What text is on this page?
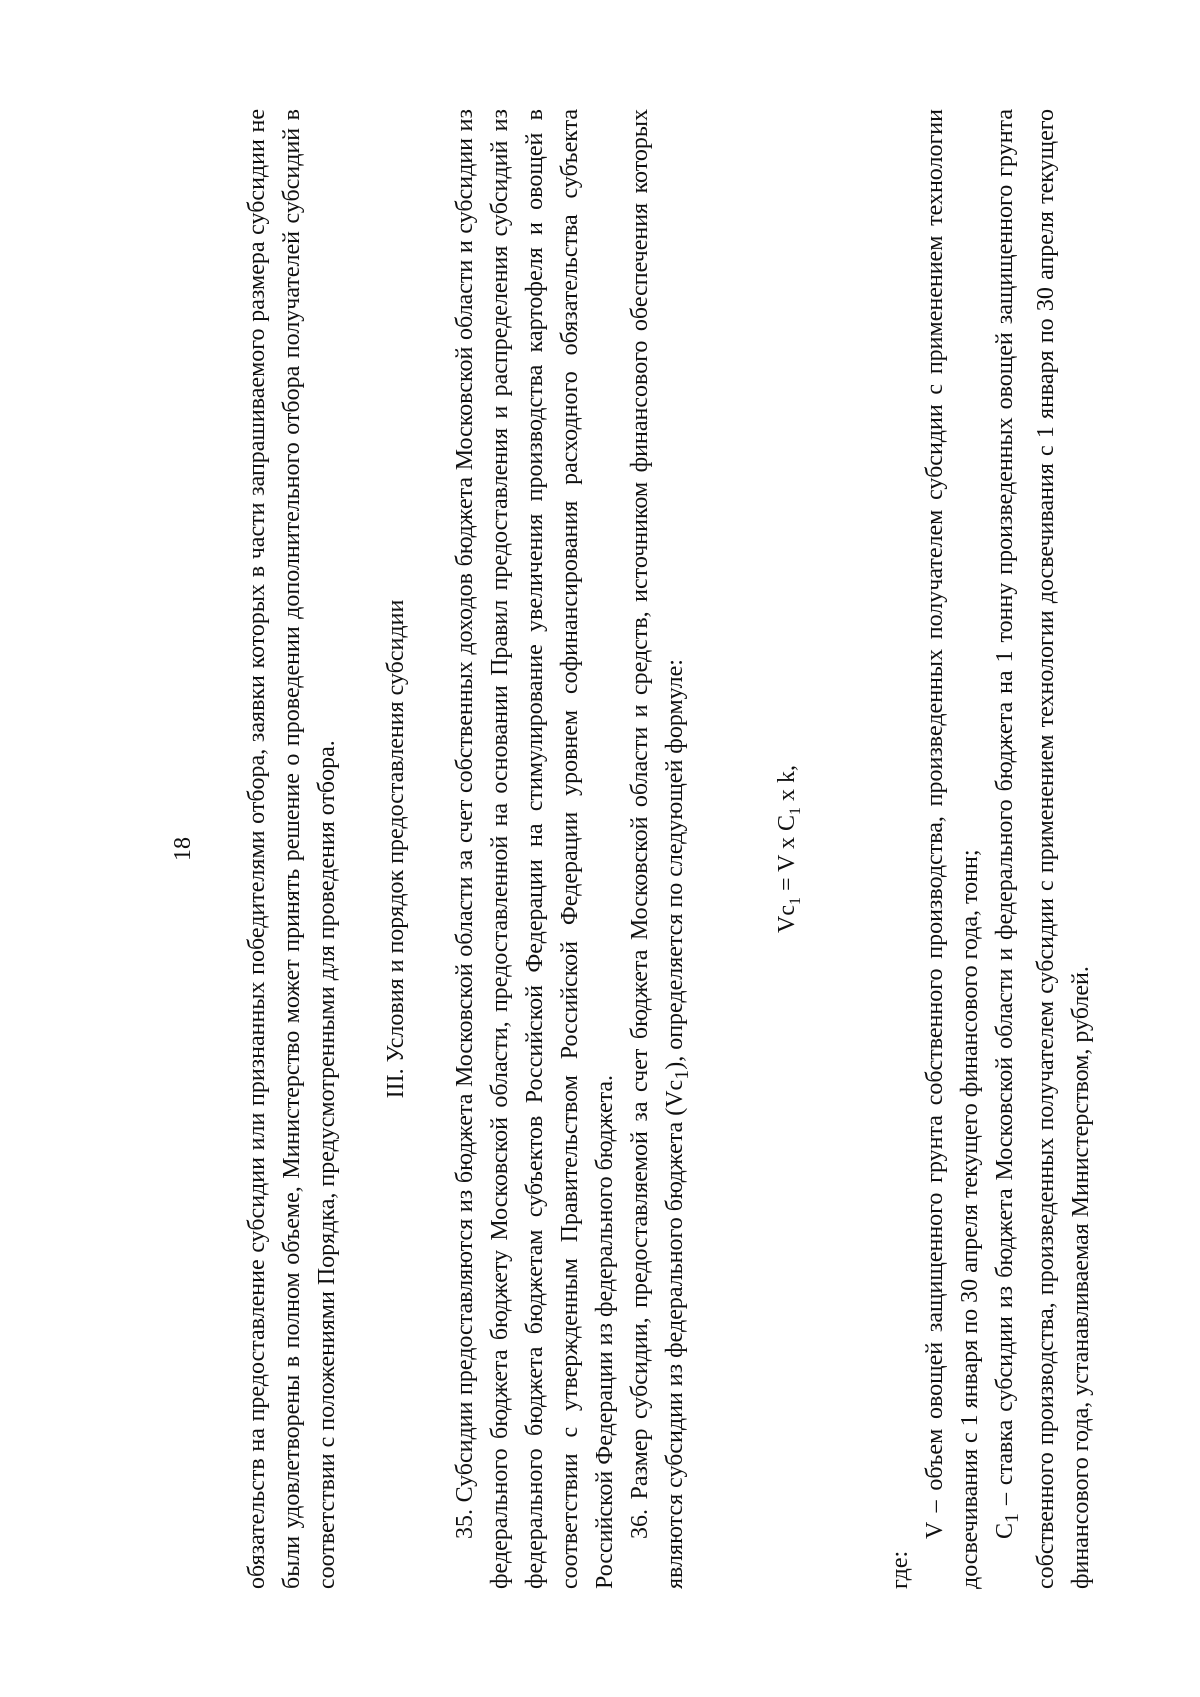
18 обязательств на предоставление субсидии или признанных победителями отбора, заявки которых в части запрашиваемого размера субсидии не были удовлетворены в полном объеме, Министерство может принять решение о проведении дополнительного отбора получателей субсидий в соответствии с положениями Порядка, предусмотренными для проведения отбора. III. Условия и порядок предоставления субсидии 35. Субсидии предоставляются из бюджета Московской области за счет собственных доходов бюджета Московской области и субсидии из федерального бюджета бюджету Московской области, предоставленной на основании Правил предоставления и распределения субсидий из федерального бюджета бюджетам субъектов Российской Федерации на стимулирование увеличения производства картофеля и овощей в соответствии с утвержденным Правительством Российской Федерации уровнем софинансирования расходного обязательства субъекта Российской Федерации из федерального бюджета. 36. Размер субсидии, предоставляемой за счет бюджета Московской области и средств, источником финансового обеспечения которых являются субсидии из федерального бюджета $(Vc_1)$, определяется по следующей формуле:	$Vc_1 = V$ x $C_1$ x k,

где:

V – объем овощей защищенного грунта собственного производства, произведенных получателем субсидии с применением технологии досвечивания с 1 января по 30 апреля текущего финансового года, тонн; $C_1$ – ставка субсидии из бюджета Московской области и федерального бюджета на 1 тонну произведенных овощей защищенного грунта собственного производства, произведенных получателем субсидии с применением технологии досвечивания с 1 января по 30 апреля текущего финансового года, устанавливаемая Министерством, рублей.
